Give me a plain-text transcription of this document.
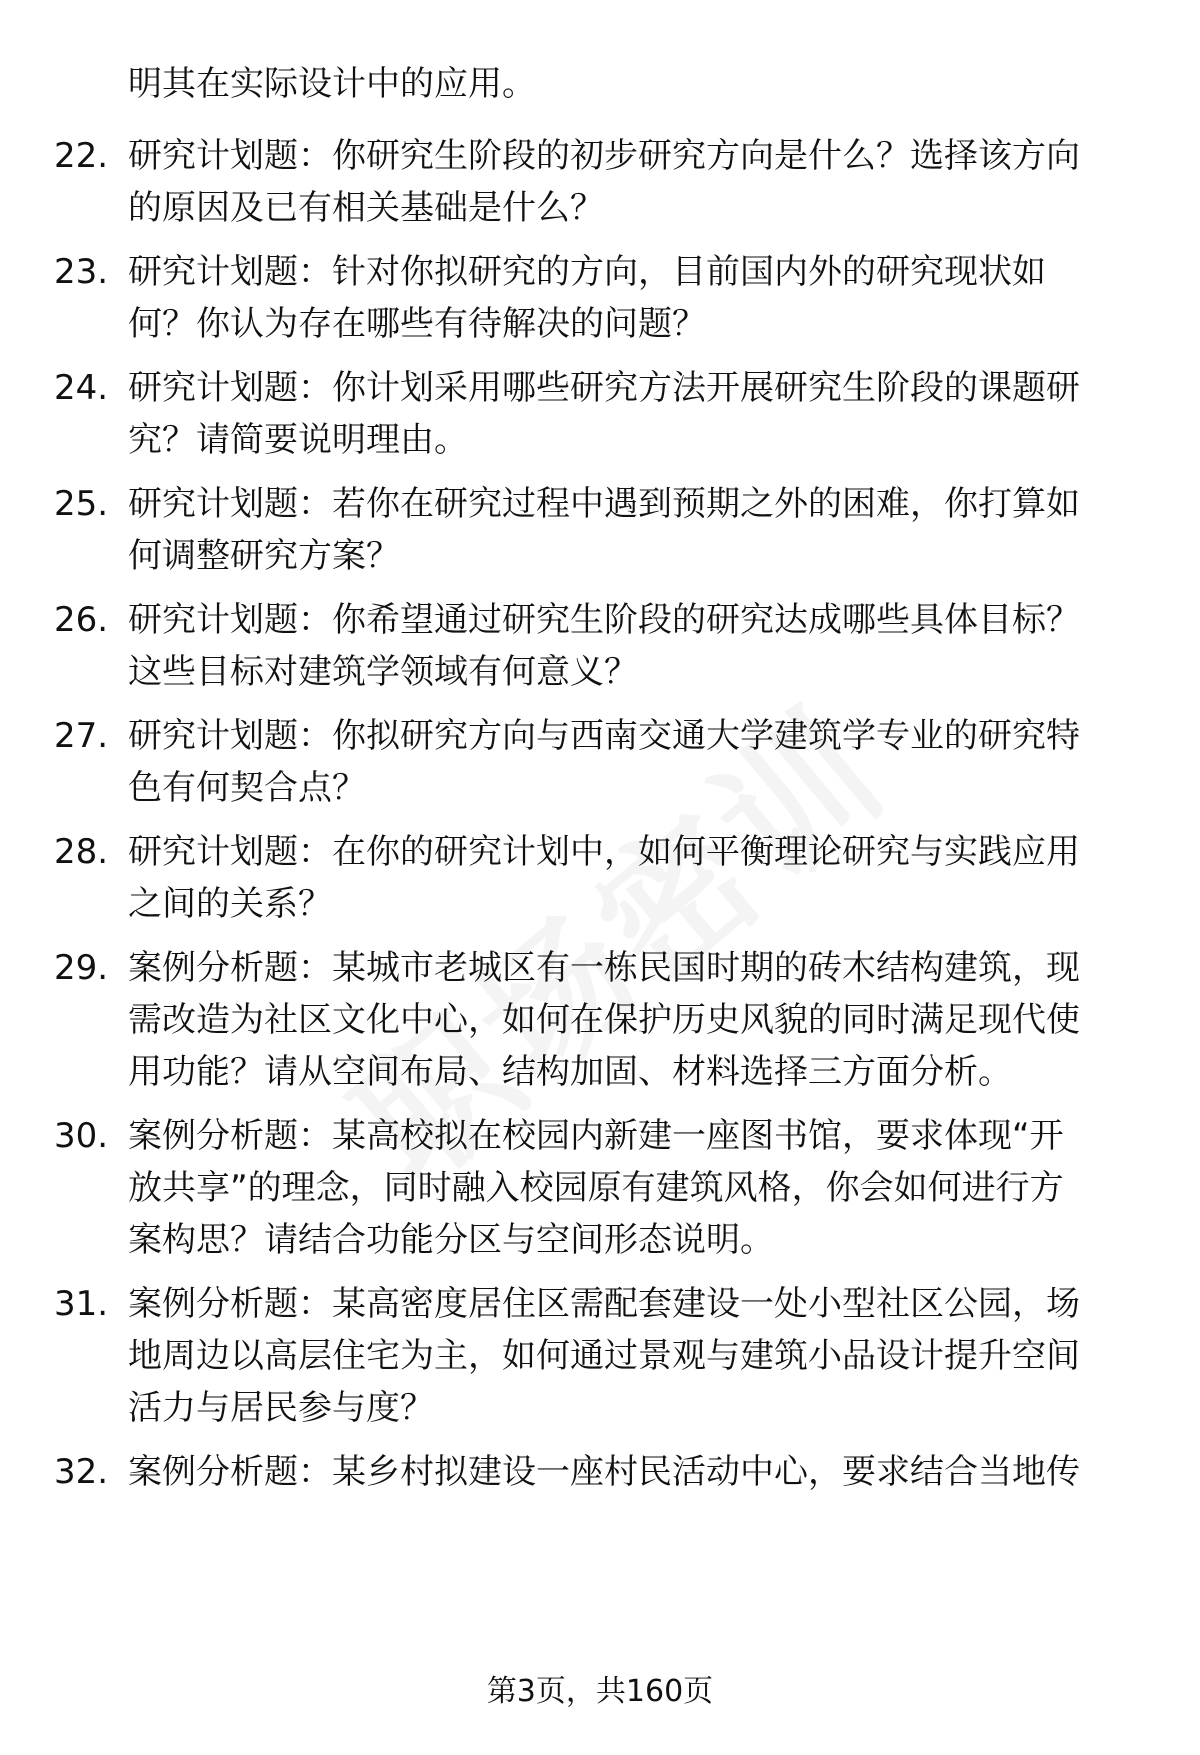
明其在实际设计中的应用。
22. 研究计划题：你研究生阶段的初步研究方向是什么？选择该方向
的原因及已有相关基础是什么？
23. 研究计划题：针对你拟研究的方向，目前国内外的研究现状如
何？你认为存在哪些有待解决的问题？
24. 研究计划题：你计划采用哪些研究方法开展研究生阶段的课题研
究？请简要说明理由。
25. 研究计划题：若你在研究过程中遇到预期之外的困难，你打算如
何调整研究方案？
26. 研究计划题：你希望通过研究生阶段的研究达成哪些具体目标？
这些目标对建筑学领域有何意义？
27. 研究计划题：你拟研究方向与西南交通大学建筑学专业的研究特
色有何契合点？
28. 研究计划题：在你的研究计划中，如何平衡理论研究与实践应用
之间的关系？
29. 案例分析题：某城市老城区有一栋民国时期的砖木结构建筑，现
需改造为社区文化中心，如何在保护历史风貌的同时满足现代使
用功能？请从空间布局、结构加固、材料选择三方面分析。
30. 案例分析题：某高校拟在校园内新建一座图书馆，要求体现“开
放共享”的理念，同时融入校园原有建筑风格，你会如何进行方
案构思？请结合功能分区与空间形态说明。
31. 案例分析题：某高密度居住区需配套建设一处小型社区公园，场
地周边以高层住宅为主，如何通过景观与建筑小品设计提升空间
活力与居民参与度？
32. 案例分析题：某乡村拟建设一座村民活动中心，要求结合当地传
第3页，共160页
